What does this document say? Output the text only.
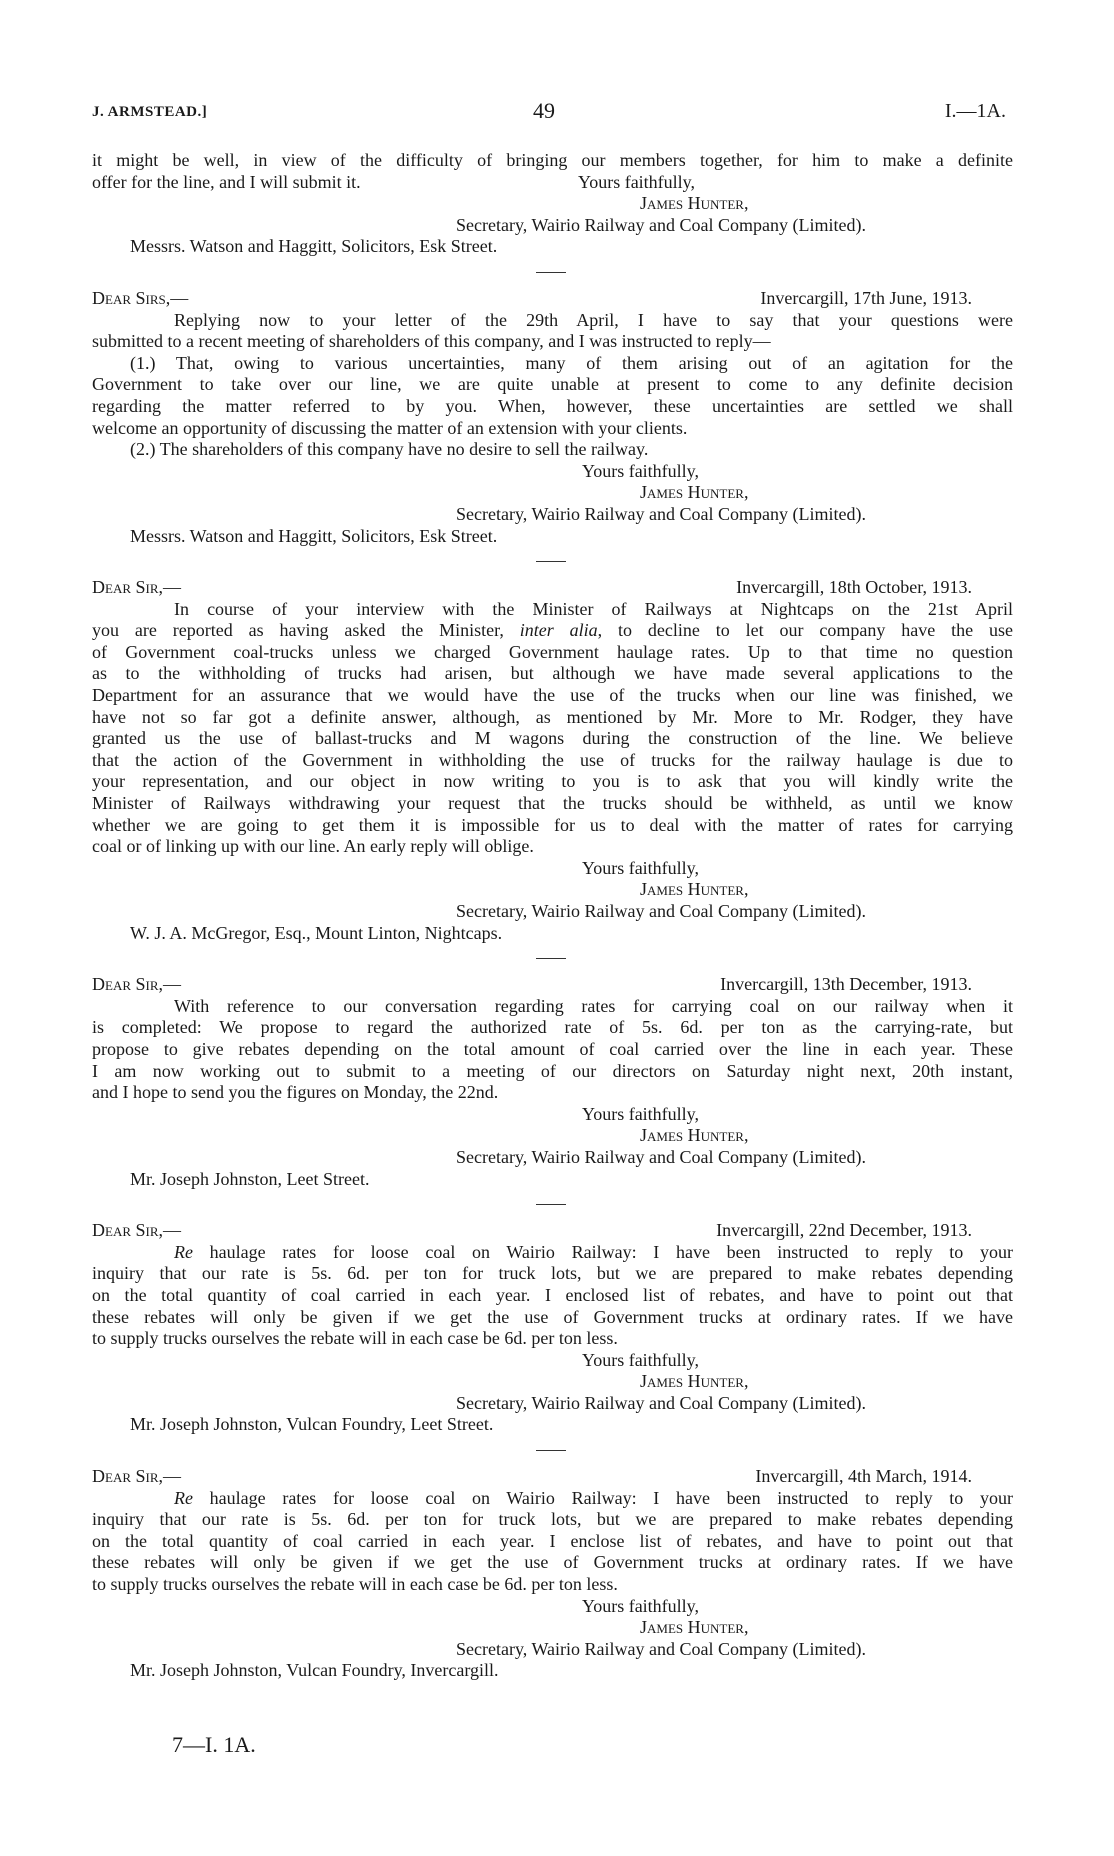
J. ARMSTEAD.]	49	I.—1A.
it might be well, in view of the difficulty of bringing our members together, for him to make a definite
offer for the line, and I will submit it.	Yours faithfully,
James Hunter,
Secretary, Wairio Railway and Coal Company (Limited).
Messrs. Watson and Haggitt, Solicitors, Esk Street.
Dear Sirs,—	Invercargill, 17th June, 1913.
Replying now to your letter of the 29th April, I have to say that your questions were
submitted to a recent meeting of shareholders of this company, and I was instructed to reply—
(1.) That, owing to various uncertainties, many of them arising out of an agitation for the
Government to take over our line, we are quite unable at present to come to any definite decision
regarding the matter referred to by you. When, however, these uncertainties are settled we shall
welcome an opportunity of discussing the matter of an extension with your clients.
(2.) The shareholders of this company have no desire to sell the railway.
Yours faithfully,
James Hunter,
Secretary, Wairio Railway and Coal Company (Limited).
Messrs. Watson and Haggitt, Solicitors, Esk Street.
Dear Sir,—	Invercargill, 18th October, 1913.
In course of your interview with the Minister of Railways at Nightcaps on the 21st April
you are reported as having asked the Minister, inter alia, to decline to let our company have the use
of Government coal-trucks unless we charged Government haulage rates. Up to that time no question
as to the withholding of trucks had arisen, but although we have made several applications to the
Department for an assurance that we would have the use of the trucks when our line was finished, we
have not so far got a definite answer, although, as mentioned by Mr. More to Mr. Rodger, they have
granted us the use of ballast-trucks and M wagons during the construction of the line. We believe
that the action of the Government in withholding the use of trucks for the railway haulage is due to
your representation, and our object in now writing to you is to ask that you will kindly write the
Minister of Railways withdrawing your request that the trucks should be withheld, as until we know
whether we are going to get them it is impossible for us to deal with the matter of rates for carrying
coal or of linking up with our line. An early reply will oblige.
Yours faithfully,
James Hunter,
Secretary, Wairio Railway and Coal Company (Limited).
W. J. A. McGregor, Esq., Mount Linton, Nightcaps.
Dear Sir,—	Invercargill, 13th December, 1913.
With reference to our conversation regarding rates for carrying coal on our railway when it
is completed: We propose to regard the authorized rate of 5s. 6d. per ton as the carrying-rate, but
propose to give rebates depending on the total amount of coal carried over the line in each year. These
I am now working out to submit to a meeting of our directors on Saturday night next, 20th instant,
and I hope to send you the figures on Monday, the 22nd.
Yours faithfully,
James Hunter,
Secretary, Wairio Railway and Coal Company (Limited).
Mr. Joseph Johnston, Leet Street.
Dear Sir,—	Invercargill, 22nd December, 1913.
Re haulage rates for loose coal on Wairio Railway: I have been instructed to reply to your
inquiry that our rate is 5s. 6d. per ton for truck lots, but we are prepared to make rebates depending
on the total quantity of coal carried in each year. I enclosed list of rebates, and have to point out that
these rebates will only be given if we get the use of Government trucks at ordinary rates. If we have
to supply trucks ourselves the rebate will in each case be 6d. per ton less.
Yours faithfully,
James Hunter,
Secretary, Wairio Railway and Coal Company (Limited).
Mr. Joseph Johnston, Vulcan Foundry, Leet Street.
Dear Sir,—	Invercargill, 4th March, 1914.
Re haulage rates for loose coal on Wairio Railway: I have been instructed to reply to your
inquiry that our rate is 5s. 6d. per ton for truck lots, but we are prepared to make rebates depending
on the total quantity of coal carried in each year. I enclose list of rebates, and have to point out that
these rebates will only be given if we get the use of Government trucks at ordinary rates. If we have
to supply trucks ourselves the rebate will in each case be 6d. per ton less.
Yours faithfully,
James Hunter,
Secretary, Wairio Railway and Coal Company (Limited).
Mr. Joseph Johnston, Vulcan Foundry, Invercargill.
7—I. 1A.
